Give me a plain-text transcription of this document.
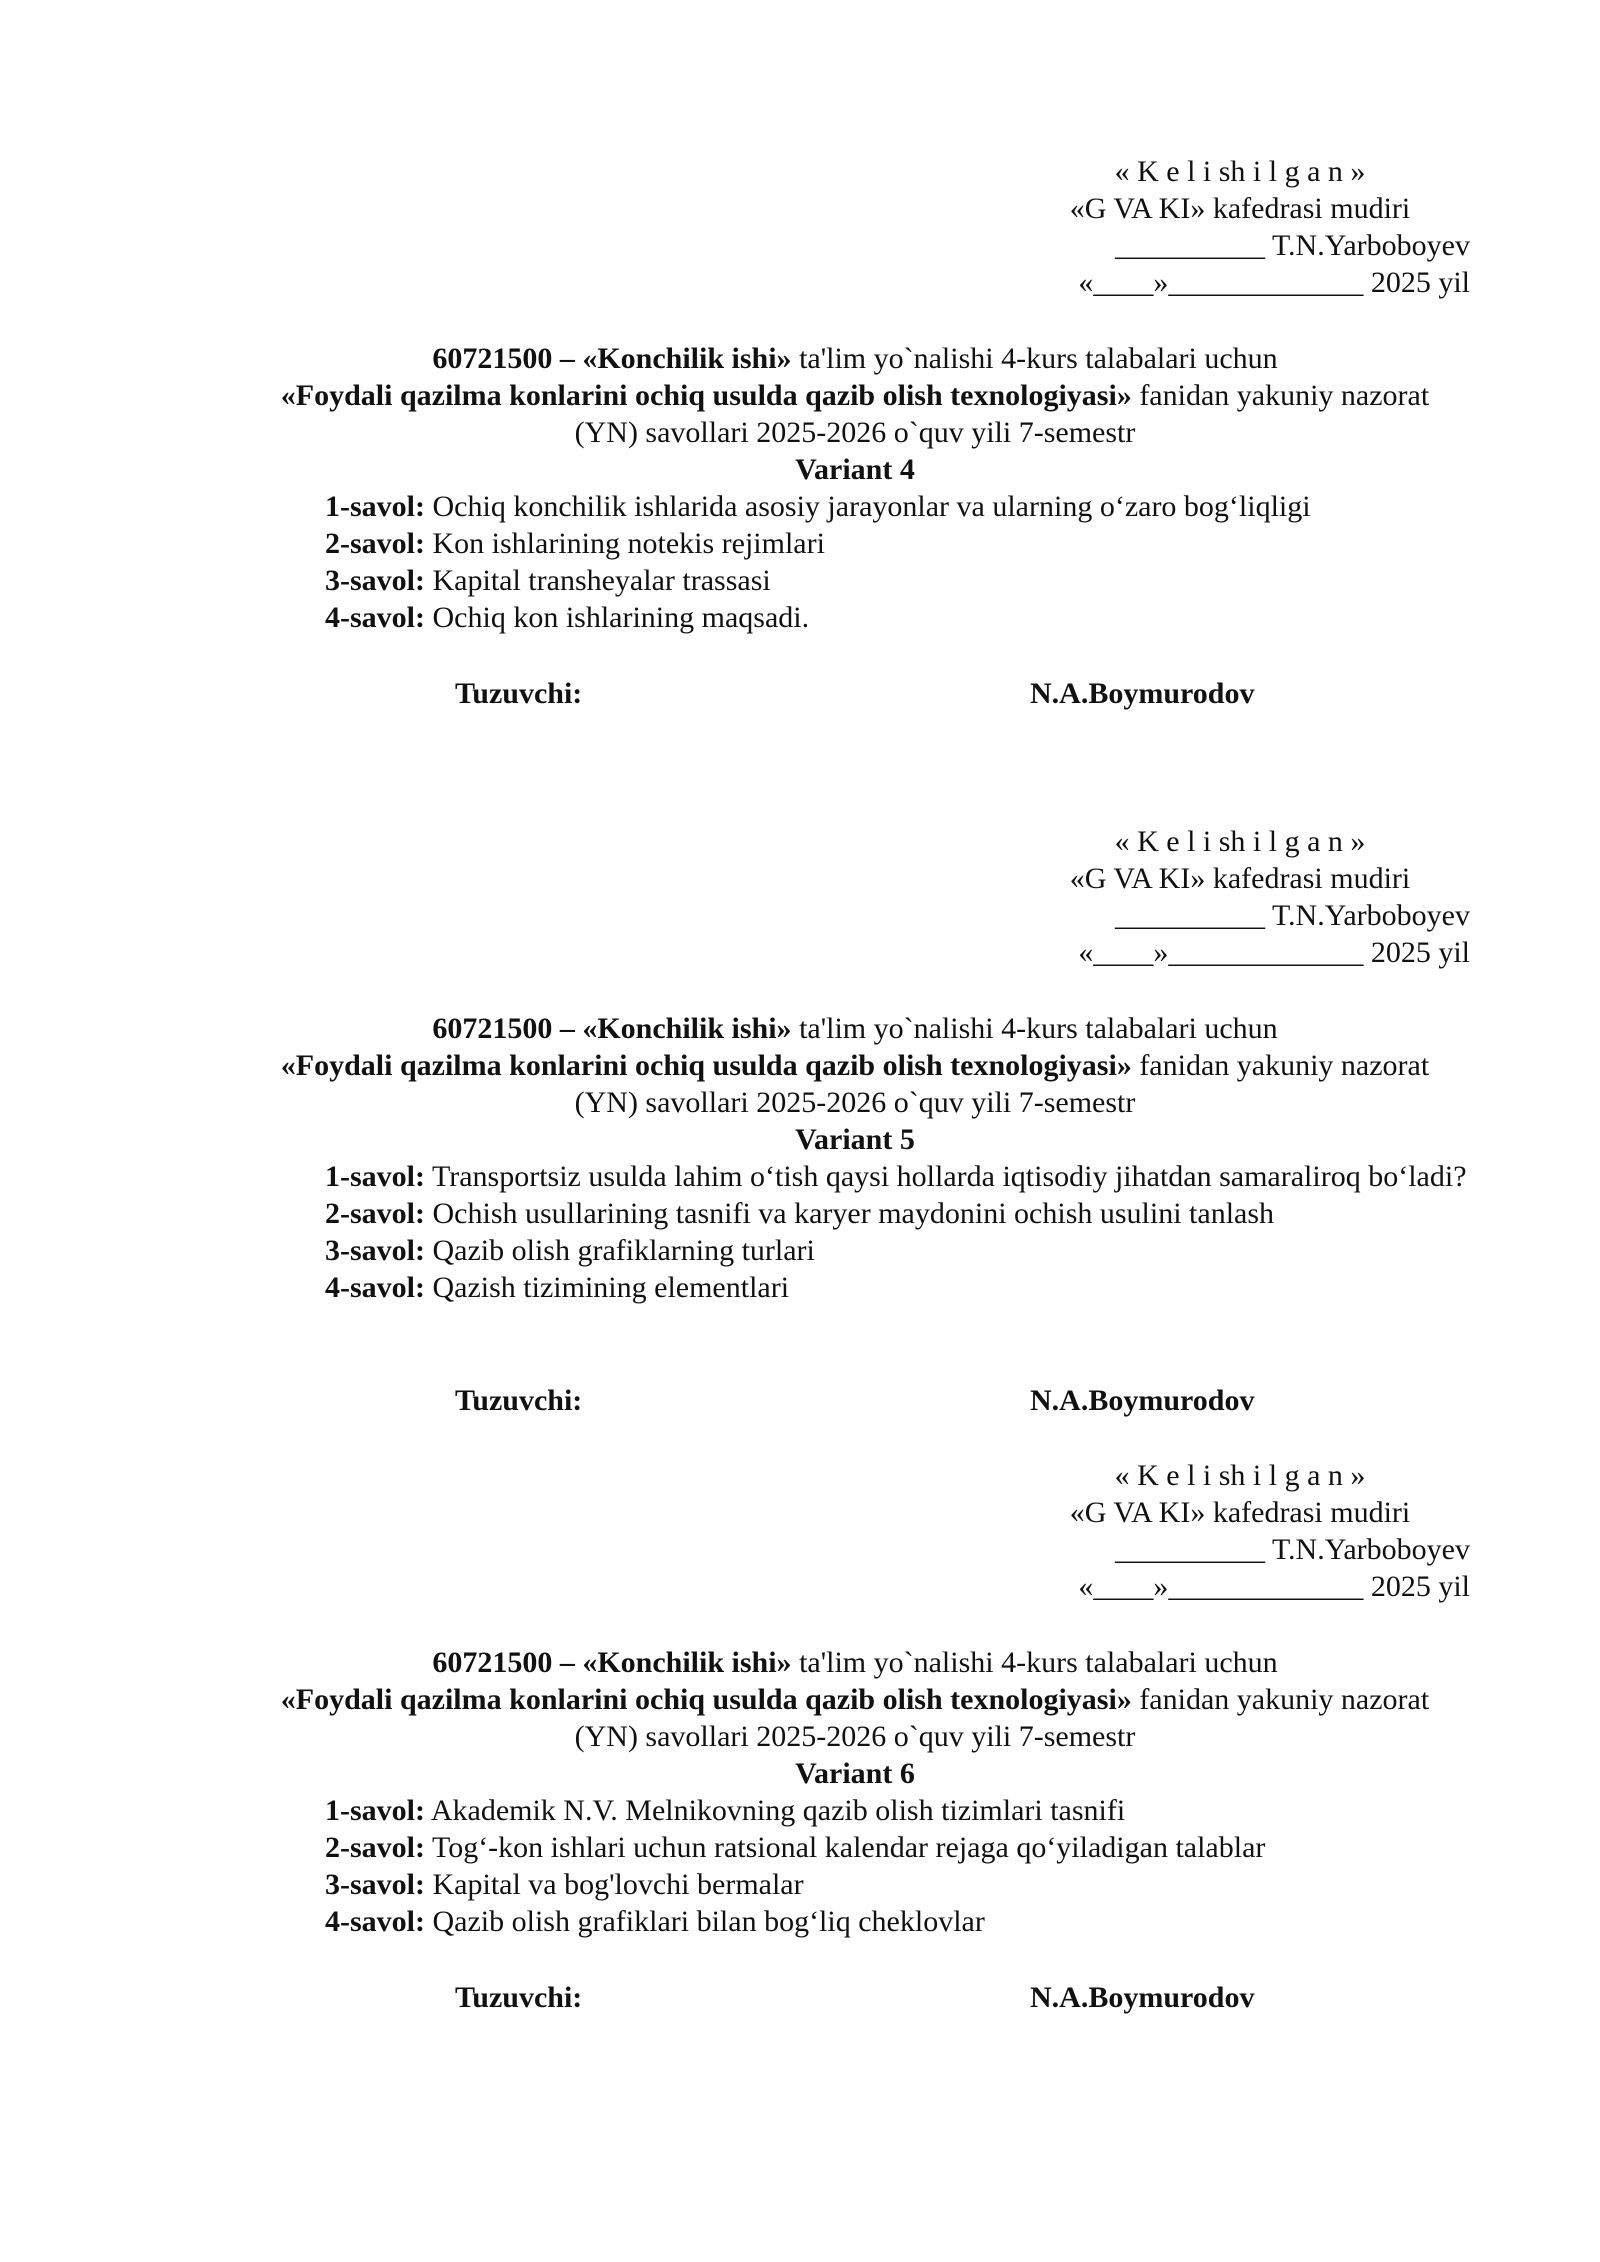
« K e l i sh i l g a n »
«G VA KI» kafedrasi mudiri
__________ T.N.Yarboboyev
«____»_____________ 2025 yil
60721500 – «Konchilik ishi» ta'lim yo`nalishi 4-kurs talabalari uchun
«Foydali qazilma konlarini ochiq usulda qazib olish texnologiyasi» fanidan yakuniy nazorat
(YN) savollari 2025-2026 o`quv yili 7-semestr
Variant 4
1-savol: Ochiq konchilik ishlarida asosiy jarayonlar va ularning o‘zaro bog‘liqligi
2-savol: Kon ishlarining notekis rejimlari
3-savol: Kapital transheyalar trassasi
4-savol: Ochiq kon ishlarining maqsadi.
Tuzuvchi:	N.A.Boymurodov
« K e l i sh i l g a n »
«G VA KI» kafedrasi mudiri
__________ T.N.Yarboboyev
«____»_____________ 2025 yil
60721500 – «Konchilik ishi» ta'lim yo`nalishi 4-kurs talabalari uchun
«Foydali qazilma konlarini ochiq usulda qazib olish texnologiyasi» fanidan yakuniy nazorat
(YN) savollari 2025-2026 o`quv yili 7-semestr
Variant 5
1-savol: Transportsiz usulda lahim o‘tish qaysi hollarda iqtisodiy jihatdan samaraliroq bo‘ladi?
2-savol: Ochish usullarining tasnifi va karyer maydonini ochish usulini tanlash
3-savol: Qazib olish grafiklarning turlari
4-savol: Qazish tizimining elementlari
Tuzuvchi:	N.A.Boymurodov
« K e l i sh i l g a n »
«G VA KI» kafedrasi mudiri
__________ T.N.Yarboboyev
«____»_____________ 2025 yil
60721500 – «Konchilik ishi» ta'lim yo`nalishi 4-kurs talabalari uchun
«Foydali qazilma konlarini ochiq usulda qazib olish texnologiyasi» fanidan yakuniy nazorat
(YN) savollari 2025-2026 o`quv yili 7-semestr
Variant 6
1-savol: Akademik N.V. Melnikovning qazib olish tizimlari tasnifi
2-savol: Tog‘-kon ishlari uchun ratsional kalendar rejaga qo‘yiladigan talablar
3-savol: Kapital va bog'lovchi bermalar
4-savol: Qazib olish grafiklari bilan bog‘liq cheklovlar
Tuzuvchi:	N.A.Boymurodov
